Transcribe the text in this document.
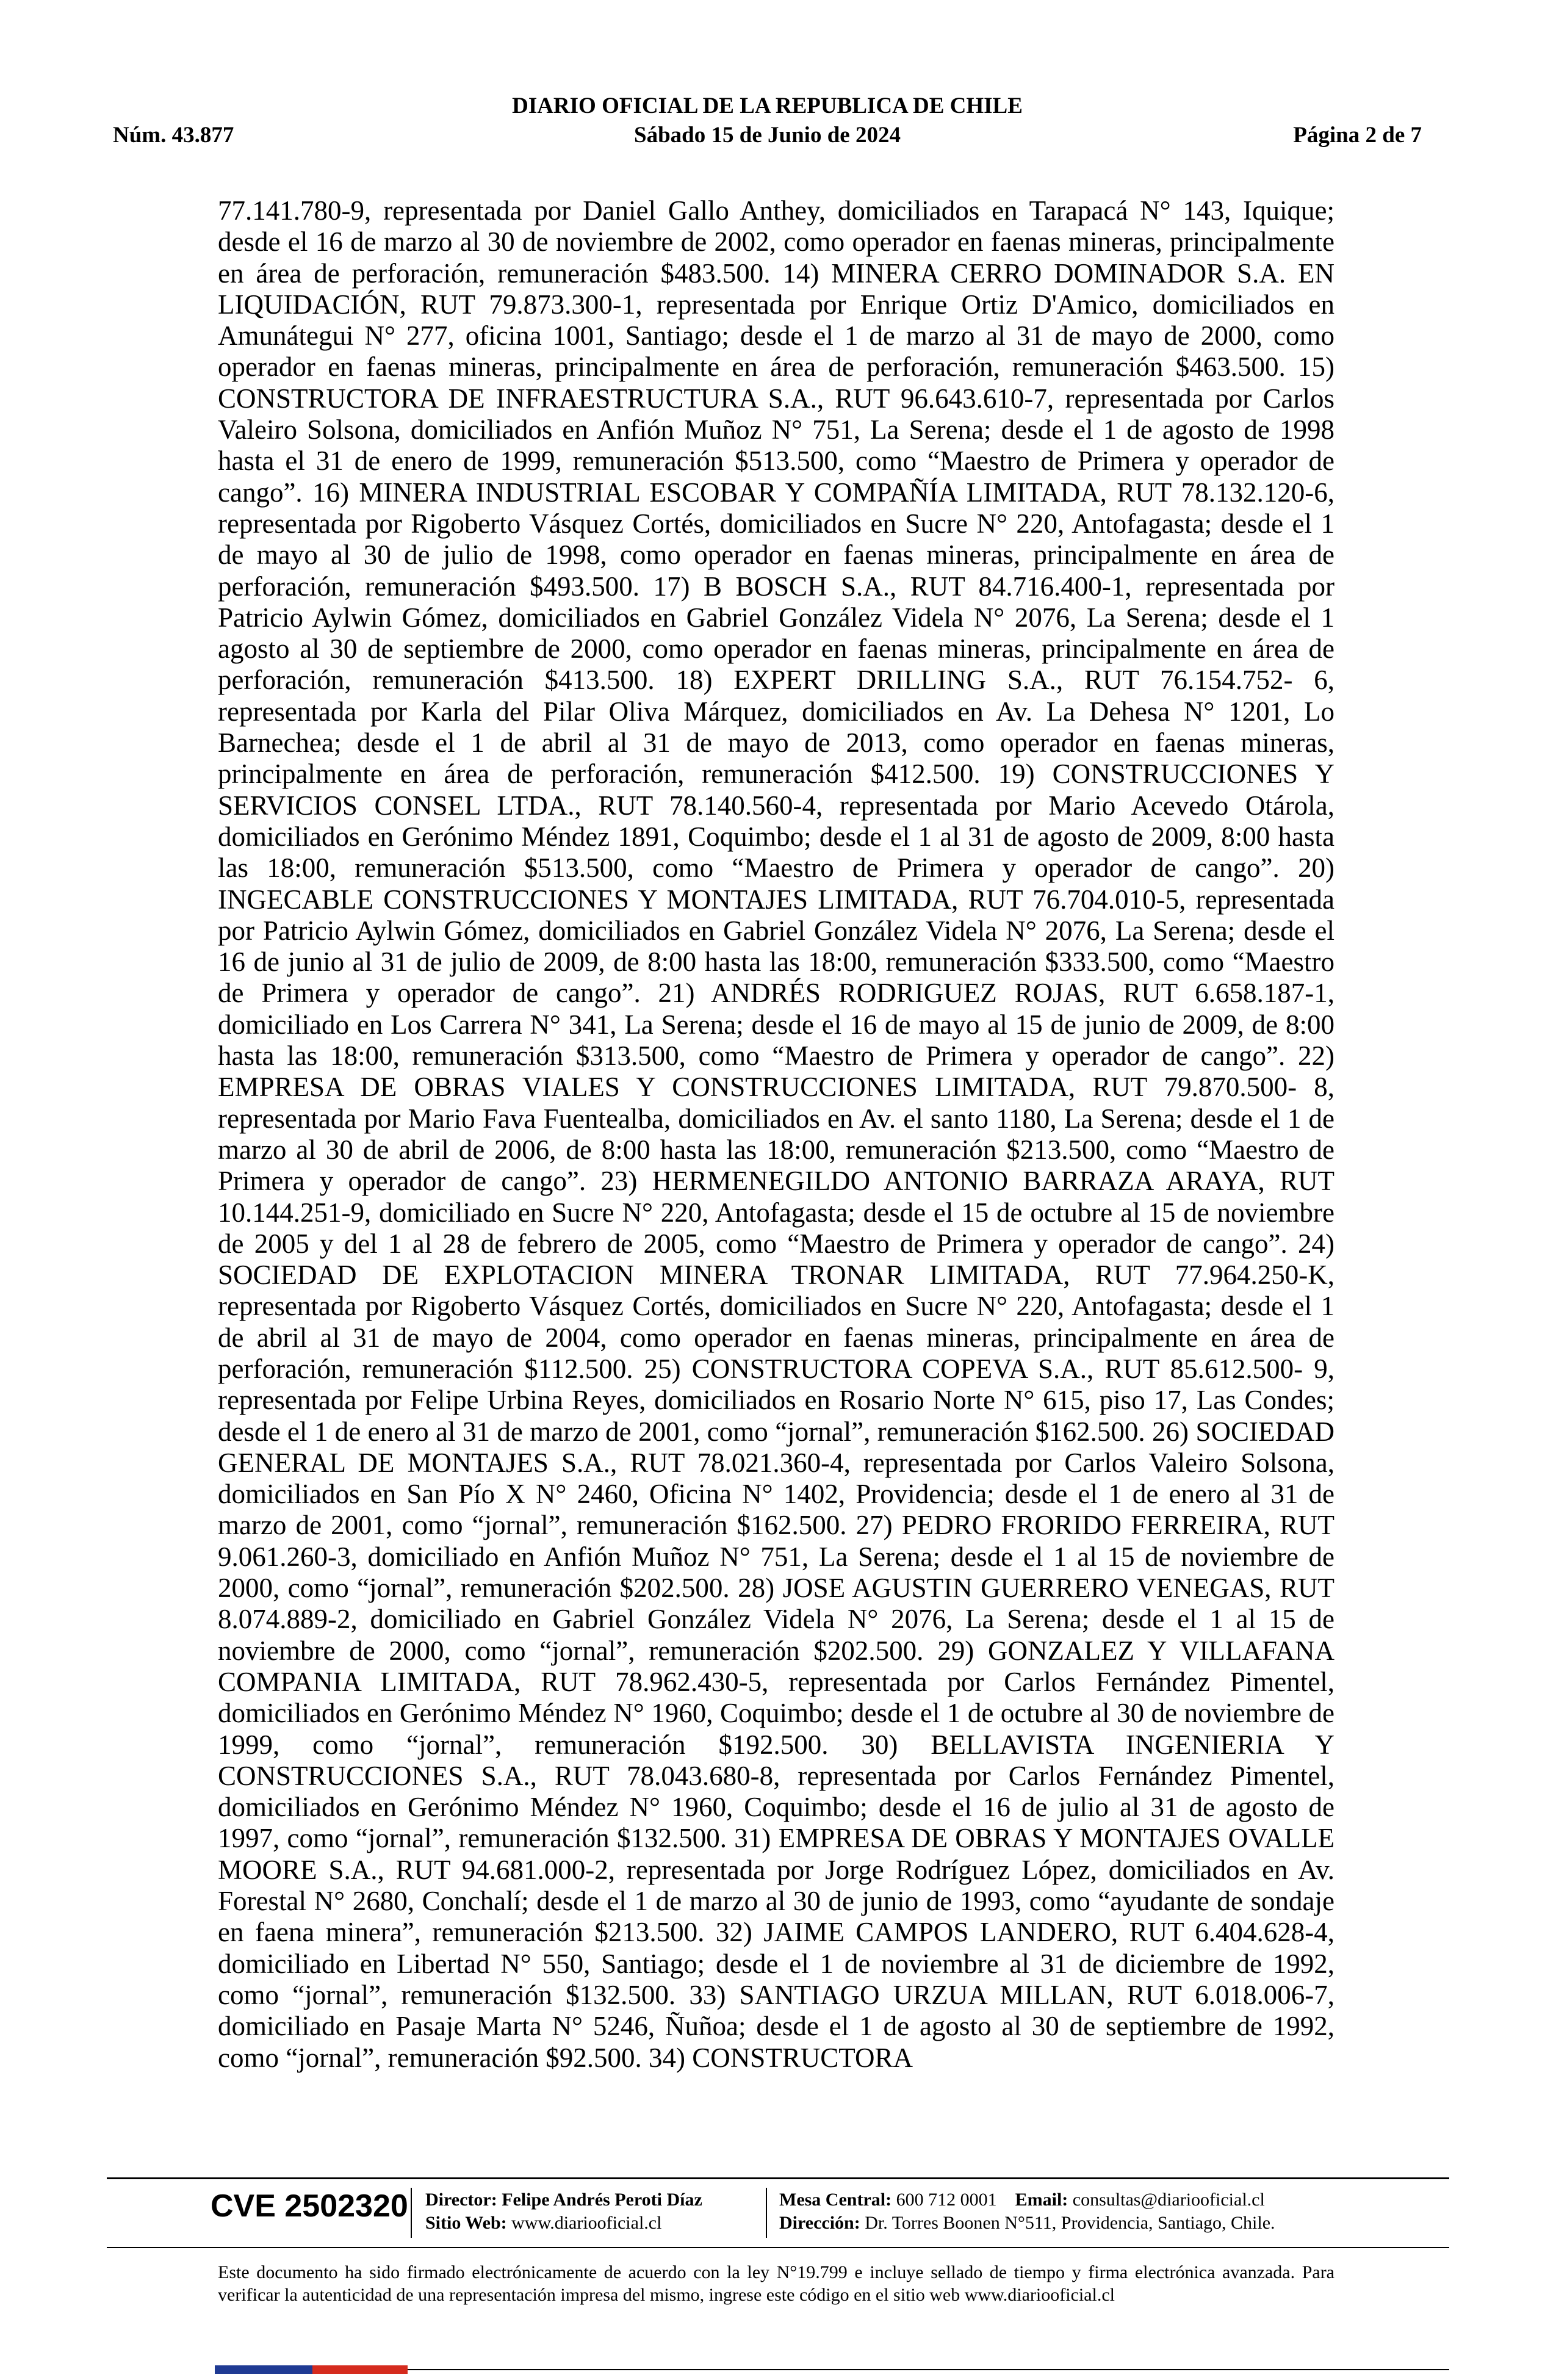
DIARIO OFICIAL DE LA REPUBLICA DE CHILE
Núm. 43.877	Sábado 15 de Junio de 2024	Página 2 de 7
77.141.780-9, representada por Daniel Gallo Anthey, domiciliados en Tarapacá N° 143, Iquique; desde el 16 de marzo al 30 de noviembre de 2002, como operador en faenas mineras, principalmente en área de perforación, remuneración $483.500. 14) MINERA CERRO DOMINADOR S.A. EN LIQUIDACIÓN, RUT 79.873.300-1, representada por Enrique Ortiz D'Amico, domiciliados en Amunátegui N° 277, oficina 1001, Santiago; desde el 1 de marzo al 31 de mayo de 2000, como operador en faenas mineras, principalmente en área de perforación, remuneración $463.500. 15) CONSTRUCTORA DE INFRAESTRUCTURA S.A., RUT 96.643.610-7, representada por Carlos Valeiro Solsona, domiciliados en Anfión Muñoz N° 751, La Serena; desde el 1 de agosto de 1998 hasta el 31 de enero de 1999, remuneración $513.500, como “Maestro de Primera y operador de cango”. 16) MINERA INDUSTRIAL ESCOBAR Y COMPAÑÍA LIMITADA, RUT 78.132.120-6, representada por Rigoberto Vásquez Cortés, domiciliados en Sucre N° 220, Antofagasta; desde el 1 de mayo al 30 de julio de 1998, como operador en faenas mineras, principalmente en área de perforación, remuneración $493.500. 17) B BOSCH S.A., RUT 84.716.400-1, representada por Patricio Aylwin Gómez, domiciliados en Gabriel González Videla N° 2076, La Serena; desde el 1 agosto al 30 de septiembre de 2000, como operador en faenas mineras, principalmente en área de perforación, remuneración $413.500. 18) EXPERT DRILLING S.A., RUT 76.154.752- 6, representada por Karla del Pilar Oliva Márquez, domiciliados en Av. La Dehesa N° 1201, Lo Barnechea; desde el 1 de abril al 31 de mayo de 2013, como operador en faenas mineras, principalmente en área de perforación, remuneración $412.500. 19) CONSTRUCCIONES Y SERVICIOS CONSEL LTDA., RUT 78.140.560-4, representada por Mario Acevedo Otárola, domiciliados en Gerónimo Méndez 1891, Coquimbo; desde el 1 al 31 de agosto de 2009, 8:00 hasta las 18:00, remuneración $513.500, como “Maestro de Primera y operador de cango”. 20) INGECABLE CONSTRUCCIONES Y MONTAJES LIMITADA, RUT 76.704.010-5, representada por Patricio Aylwin Gómez, domiciliados en Gabriel González Videla N° 2076, La Serena; desde el 16 de junio al 31 de julio de 2009, de 8:00 hasta las 18:00, remuneración $333.500, como “Maestro de Primera y operador de cango”. 21) ANDRÉS RODRIGUEZ ROJAS, RUT 6.658.187-1, domiciliado en Los Carrera N° 341, La Serena; desde el 16 de mayo al 15 de junio de 2009, de 8:00 hasta las 18:00, remuneración $313.500, como “Maestro de Primera y operador de cango”. 22) EMPRESA DE OBRAS VIALES Y CONSTRUCCIONES LIMITADA, RUT 79.870.500- 8, representada por Mario Fava Fuentealba, domiciliados en Av. el santo 1180, La Serena; desde el 1 de marzo al 30 de abril de 2006, de 8:00 hasta las 18:00, remuneración $213.500, como “Maestro de Primera y operador de cango”. 23) HERMENEGILDO ANTONIO BARRAZA ARAYA, RUT 10.144.251-9, domiciliado en Sucre N° 220, Antofagasta; desde el 15 de octubre al 15 de noviembre de 2005 y del 1 al 28 de febrero de 2005, como “Maestro de Primera y operador de cango”. 24) SOCIEDAD DE EXPLOTACION MINERA TRONAR LIMITADA, RUT 77.964.250-K, representada por Rigoberto Vásquez Cortés, domiciliados en Sucre N° 220, Antofagasta; desde el 1 de abril al 31 de mayo de 2004, como operador en faenas mineras, principalmente en área de perforación, remuneración $112.500. 25) CONSTRUCTORA COPEVA S.A., RUT 85.612.500- 9, representada por Felipe Urbina Reyes, domiciliados en Rosario Norte N° 615, piso 17, Las Condes; desde el 1 de enero al 31 de marzo de 2001, como “jornal”, remuneración $162.500. 26) SOCIEDAD GENERAL DE MONTAJES S.A., RUT 78.021.360-4, representada por Carlos Valeiro Solsona, domiciliados en San Pío X N° 2460, Oficina N° 1402, Providencia; desde el 1 de enero al 31 de marzo de 2001, como “jornal”, remuneración $162.500. 27) PEDRO FRORIDO FERREIRA, RUT 9.061.260-3, domiciliado en Anfión Muñoz N° 751, La Serena; desde el 1 al 15 de noviembre de 2000, como “jornal”, remuneración $202.500. 28) JOSE AGUSTIN GUERRERO VENEGAS, RUT 8.074.889-2, domiciliado en Gabriel González Videla N° 2076, La Serena; desde el 1 al 15 de noviembre de 2000, como “jornal”, remuneración $202.500. 29) GONZALEZ Y VILLAFANA COMPANIA LIMITADA, RUT 78.962.430-5, representada por Carlos Fernández Pimentel, domiciliados en Gerónimo Méndez N° 1960, Coquimbo; desde el 1 de octubre al 30 de noviembre de 1999, como “jornal”, remuneración $192.500. 30) BELLAVISTA INGENIERIA Y CONSTRUCCIONES S.A., RUT 78.043.680-8, representada por Carlos Fernández Pimentel, domiciliados en Gerónimo Méndez N° 1960, Coquimbo; desde el 16 de julio al 31 de agosto de 1997, como “jornal”, remuneración $132.500. 31) EMPRESA DE OBRAS Y MONTAJES OVALLE MOORE S.A., RUT 94.681.000-2, representada por Jorge Rodríguez López, domiciliados en Av. Forestal N° 2680, Conchalí; desde el 1 de marzo al 30 de junio de 1993, como “ayudante de sondaje en faena minera”, remuneración $213.500. 32) JAIME CAMPOS LANDERO, RUT 6.404.628-4, domiciliado en Libertad N° 550, Santiago; desde el 1 de noviembre al 31 de diciembre de 1992, como “jornal”, remuneración $132.500. 33) SANTIAGO URZUA MILLAN, RUT 6.018.006-7, domiciliado en Pasaje Marta N° 5246, Ñuñoa; desde el 1 de agosto al 30 de septiembre de 1992, como “jornal”, remuneración $92.500. 34) CONSTRUCTORA
CVE 2502320 Director: Felipe Andrés Peroti Díaz
Sitio Web: www.diariooficial.cl
Mesa Central: 600 712 0001 Email: consultas@diariooficial.cl
Dirección: Dr. Torres Boonen N°511, Providencia, Santiago, Chile.
Este documento ha sido firmado electrónicamente de acuerdo con la ley N°19.799 e incluye sellado de tiempo y firma electrónica avanzada. Para verificar la autenticidad de una representación impresa del mismo, ingrese este código en el sitio web www.diariooficial.cl
